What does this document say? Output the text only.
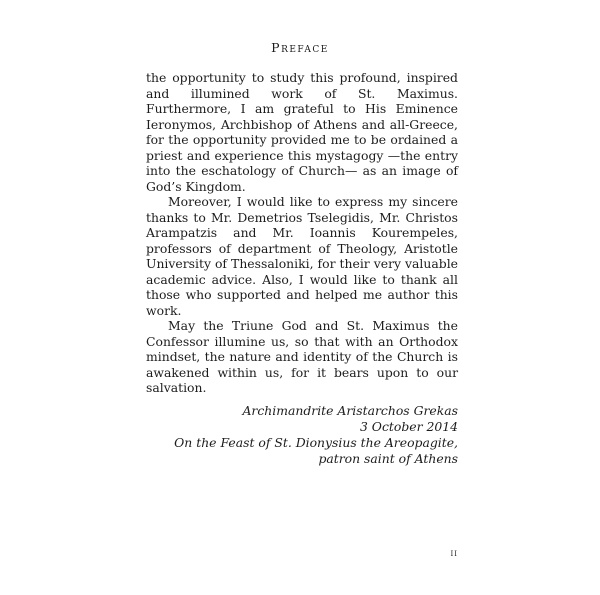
Preface

the opportunity to study this profound, inspired and illumined work of St. Maximus. Furthermore, I am grateful to His Eminence Ieronymos, Archbishop of Athens and all-Greece, for the opportunity provided me to be ordained a priest and experience this mystagogy —the entry into the eschatology of Church— as an image of God’s Kingdom.

Moreover, I would like to express my sincere thanks to Mr. Demetrios Tselegidis, Mr. Christos Arampatzis and Mr. Ioannis Kourempeles, professors of department of Theology, Aristotle University of Thessaloniki, for their very valuable academic advice. Also, I would like to thank all those who supported and helped me author this work.

May the Triune God and St. Maximus the Confessor illumine us, so that with an Orthodox mindset, the nature and identity of the Church is awakened within us, for it bears upon to our salvation.

Archimandrite Aristarchos Grekas
3 October 2014
On the Feast of St. Dionysius the Areopagite,
patron saint of Athens
ii
